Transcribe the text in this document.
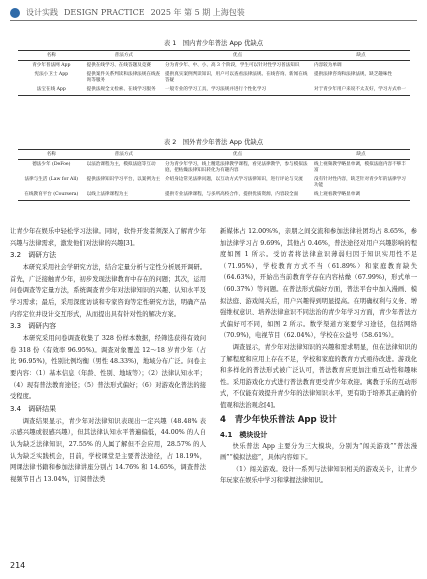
设计实践 DESIGN PRACTICE 2025 年 第 5 期 上海包装
表 1　国内青少年普法 App 优缺点
名称	普法方式	优点	缺点
青少年普法网 App	提供在线学习、在线答题及竞赛	分为青少年、中、小、高 3 个阶段，学生可以针对性学习普法知识	内容较为单调
宪法小卫士 App	提供案件关系判读和法律法规在线查询等服务	提供真实案例判读知识，用户可以查看法律法规、在线咨询、新闻在线答疑	提供法律咨询和法律法规，缺乏趣味性
法宝在线 App	提供法规全文检索、在线学习服务	一般专业的学习工具，学习法规并进行个性化学习	对于青少年用户来说不太友好，学习方式单一
表 2　国外青少年普法 App 优缺点
名称	普法方式	优点	缺点
德法少年 (DeFoe)	以法治课程为主，模拟法庭等互动	分为青少年学习，线上精选法律教学课程，看见法律教学，参与模拟法庭，把枯燥法律知识转化为有趣内容	线上视频教学略显单调，模拟法庭内容不够丰富
法律与生活 (Law for All)	提供法律知识学习平台，以案例为主	介绍身边常见法律问题，以互动方式学习法律知识，进行评论与交流	没有针对性内容，缺乏针对青少年的法律学习功能
在线教育平台 (Coursera)	以线上法律课程为主	提供专业法律课程，与多所高校合作，提供优质资源，内容较全面	线上观看教学略显单调

让青少年在娱乐中轻松学习法律。同时，软件开发者须深入了解青少年兴趣与法律需求，激发他们对法律的兴趣[3]。

3.2　调研方法

本研究采用社会学研究方法，结合定量分析与定性分析展开调研。首先，广泛接触青少年，初步发现法律教育中存在的问题；其次，运用问卷调查等定量方法，系统调查青少年对法律知识的兴趣、认知水平及学习需求；最后，采用深度访谈和专家咨询等定性研究方法，明确产品内容定位并设计交互形式，从而提出具有针对性的解决方案。

3.3　调研内容

本研究采用问卷调查收集了 328 份样本数据，经筛选获得有效问卷 318 份（有效率 96.95%)。调查对象覆盖 12～18 岁青少年（占比 96.95%)，性别比例均衡（男性 48.33%)，地域分布广泛。问卷主要内容：（1）基本信息（年龄、性别、地域等）；（2）法律认知水平；（4）现有普法教育途径；（5）普法形式偏好；（6）对游戏化普法的接受程度。

3.4　调研结果

调查结果显示，青少年对法律知识表现出一定兴趣（48.48% 表示感兴趣或很感兴趣），但其法律认知水平普遍偏低，44.00% 的人自认为缺乏法律知识，27.55% 的人属了解但不会应用，28.57% 的人认为缺乏实践机会，目前，学校课堂是主要普法途径，占 18.19%，网课法律书籍和参加法律讲座分别占 14.76% 和 14.65%，调查普法视频节目占 13.04%，订阅普法类

新媒体占 12.00%%，亲朋之间交流和参加法律社团均占 8.65%，参加法律学习占 9.69%，其他占 0.46%，普法途径对用户兴趣影响的程度如图 1 所示。受访者将法律意识薄弱归因于知识实用性不足（71.95%)，学校教育方式不当（61.89%）和家庭教育缺失（64.63%)，开始出当前教育学存在内容枯燥（67.99%)，形式单一（60.37%）等问题。在普法形式偏好方面，普法平台中加入漫画、模拟法庭、游戏闯关后，用户兴趣得到明显提高。在明确权利与义务、增强维权意识、培养法律意识不同法治的青少年学习方面，青少年普法方式偏好可不同，如图 2 所示。数学渠道方案要学习途径，包括网络（70.9%)，电视节目（62.04%），学校在公益号（58.61%）。

调查显示，青少年对法律知识的兴趣和需求明显，但在法律知识的了解程度和应用上存在不足，学校和家庭的教育方式亟待改进。游戏化和多样化的普法形式被广泛认可，普法教育应更加注重互动性和趣味性。采用游戏化方式进行普法教育更受青少年欢迎。寓教于乐的互动形式，不仅能有效提升青少年的法律知识水平，更有助于培养其正确的价值观和法治观念[4]。

4　青少年快乐普法 App 设计
4.1　模块设计

快乐普法 App 主要分为三大模块，分别为“闯关游戏”“普法漫画”“模拟法庭”，具体内容如下。

（1）闯关游戏。设计一系列与法律知识相关的游戏关卡，让青少年玩家在娱乐中学习和掌握法律知识。

214
